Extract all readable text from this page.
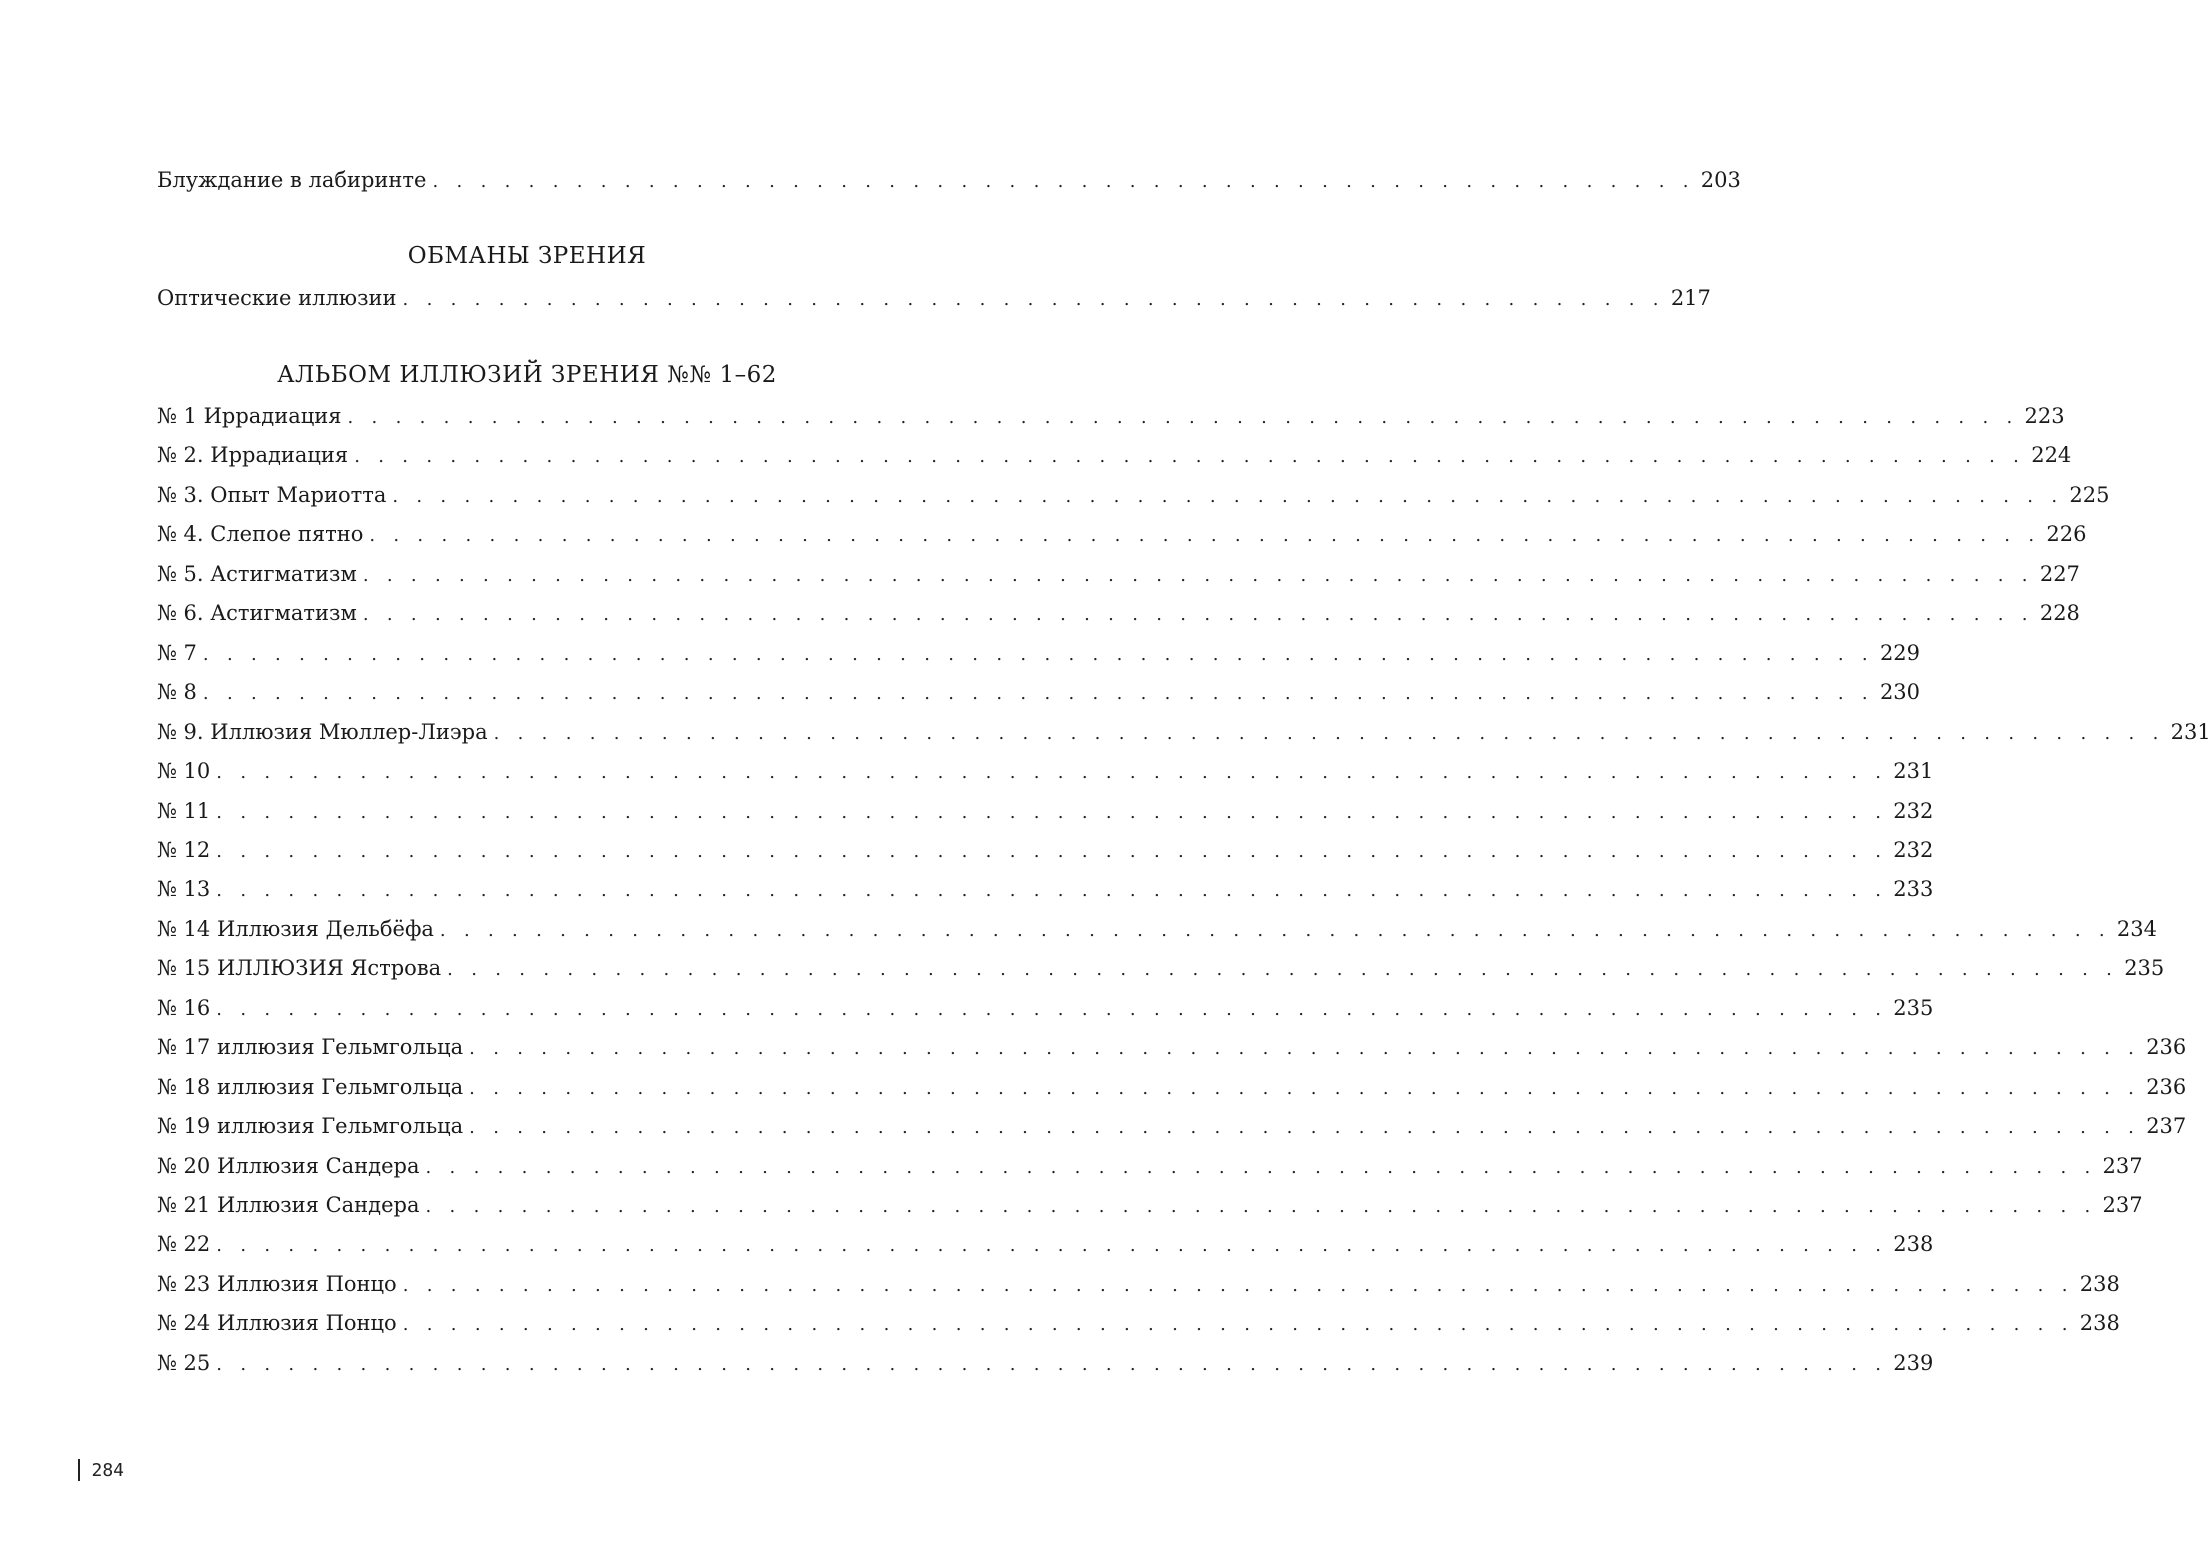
Блуждание в лабиринте . . . . . . . . . . . . . . . . . . . . . . . . . . . . . . . . . . . . . . . . . . . . . . . . . . . . . 203
ОБМАНЫ ЗРЕНИЯ
Оптические иллюзии . . . . . . . . . . . . . . . . . . . . . . . . . . . . . . . . . . . . . . . . . . . . . . . . . . . . . 217
АЛЬБОМ ИЛЛЮЗИЙ ЗРЕНИЯ №№ 1–62
№ 1 Иррадиация . . . . . . . . . . . . . . . . . . . . . . . . . . . . . . . . . . . . . . . . . . . . . . . . . . . . . . . . . . . . . . . . . . . . . . 223
№ 2. Иррадиация . . . . . . . . . . . . . . . . . . . . . . . . . . . . . . . . . . . . . . . . . . . . . . . . . . . . . . . . . . . . . . . . . . . . . . 224
№ 3. Опыт Мариотта . . . . . . . . . . . . . . . . . . . . . . . . . . . . . . . . . . . . . . . . . . . . . . . . . . . . . . . . . . . . . . . . . . . . . . 225
№ 4. Слепое пятно . . . . . . . . . . . . . . . . . . . . . . . . . . . . . . . . . . . . . . . . . . . . . . . . . . . . . . . . . . . . . . . . . . . . . . 226
№ 5. Астигматизм . . . . . . . . . . . . . . . . . . . . . . . . . . . . . . . . . . . . . . . . . . . . . . . . . . . . . . . . . . . . . . . . . . . . . . 227
№ 6. Астигматизм . . . . . . . . . . . . . . . . . . . . . . . . . . . . . . . . . . . . . . . . . . . . . . . . . . . . . . . . . . . . . . . . . . . . . . 228
№ 7 . . . . . . . . . . . . . . . . . . . . . . . . . . . . . . . . . . . . . . . . . . . . . . . . . . . . . . . . . . . . . . . . . . . . . . 229
№ 8 . . . . . . . . . . . . . . . . . . . . . . . . . . . . . . . . . . . . . . . . . . . . . . . . . . . . . . . . . . . . . . . . . . . . . . 230
№ 9. Иллюзия Мюллер-Лиэра . . . . . . . . . . . . . . . . . . . . . . . . . . . . . . . . . . . . . . . . . . . . . . . . . . . . . . . . . . . . . . . . . . . . . . 231
№ 10 . . . . . . . . . . . . . . . . . . . . . . . . . . . . . . . . . . . . . . . . . . . . . . . . . . . . . . . . . . . . . . . . . . . . . . 231
№ 11 . . . . . . . . . . . . . . . . . . . . . . . . . . . . . . . . . . . . . . . . . . . . . . . . . . . . . . . . . . . . . . . . . . . . . . 232
№ 12 . . . . . . . . . . . . . . . . . . . . . . . . . . . . . . . . . . . . . . . . . . . . . . . . . . . . . . . . . . . . . . . . . . . . . . 232
№ 13 . . . . . . . . . . . . . . . . . . . . . . . . . . . . . . . . . . . . . . . . . . . . . . . . . . . . . . . . . . . . . . . . . . . . . . 233
№ 14 Иллюзия Дельбёфа . . . . . . . . . . . . . . . . . . . . . . . . . . . . . . . . . . . . . . . . . . . . . . . . . . . . . . . . . . . . . . . . . . . . . . 234
№ 15 ИЛЛЮЗИЯ Ястрова . . . . . . . . . . . . . . . . . . . . . . . . . . . . . . . . . . . . . . . . . . . . . . . . . . . . . . . . . . . . . . . . . . . . . . 235
№ 16 . . . . . . . . . . . . . . . . . . . . . . . . . . . . . . . . . . . . . . . . . . . . . . . . . . . . . . . . . . . . . . . . . . . . . . 235
№ 17 иллюзия Гельмгольца . . . . . . . . . . . . . . . . . . . . . . . . . . . . . . . . . . . . . . . . . . . . . . . . . . . . . . . . . . . . . . . . . . . . . . 236
№ 18 иллюзия Гельмгольца . . . . . . . . . . . . . . . . . . . . . . . . . . . . . . . . . . . . . . . . . . . . . . . . . . . . . . . . . . . . . . . . . . . . . . 236
№ 19 иллюзия Гельмгольца . . . . . . . . . . . . . . . . . . . . . . . . . . . . . . . . . . . . . . . . . . . . . . . . . . . . . . . . . . . . . . . . . . . . . . 237
№ 20 Иллюзия Сандера . . . . . . . . . . . . . . . . . . . . . . . . . . . . . . . . . . . . . . . . . . . . . . . . . . . . . . . . . . . . . . . . . . . . . . 237
№ 21 Иллюзия Сандера . . . . . . . . . . . . . . . . . . . . . . . . . . . . . . . . . . . . . . . . . . . . . . . . . . . . . . . . . . . . . . . . . . . . . . 237
№ 22 . . . . . . . . . . . . . . . . . . . . . . . . . . . . . . . . . . . . . . . . . . . . . . . . . . . . . . . . . . . . . . . . . . . . . . 238
№ 23 Иллюзия Понцо . . . . . . . . . . . . . . . . . . . . . . . . . . . . . . . . . . . . . . . . . . . . . . . . . . . . . . . . . . . . . . . . . . . . . . 238
№ 24 Иллюзия Понцо . . . . . . . . . . . . . . . . . . . . . . . . . . . . . . . . . . . . . . . . . . . . . . . . . . . . . . . . . . . . . . . . . . . . . . 238
№ 25 . . . . . . . . . . . . . . . . . . . . . . . . . . . . . . . . . . . . . . . . . . . . . . . . . . . . . . . . . . . . . . . . . . . . . . 239
284
